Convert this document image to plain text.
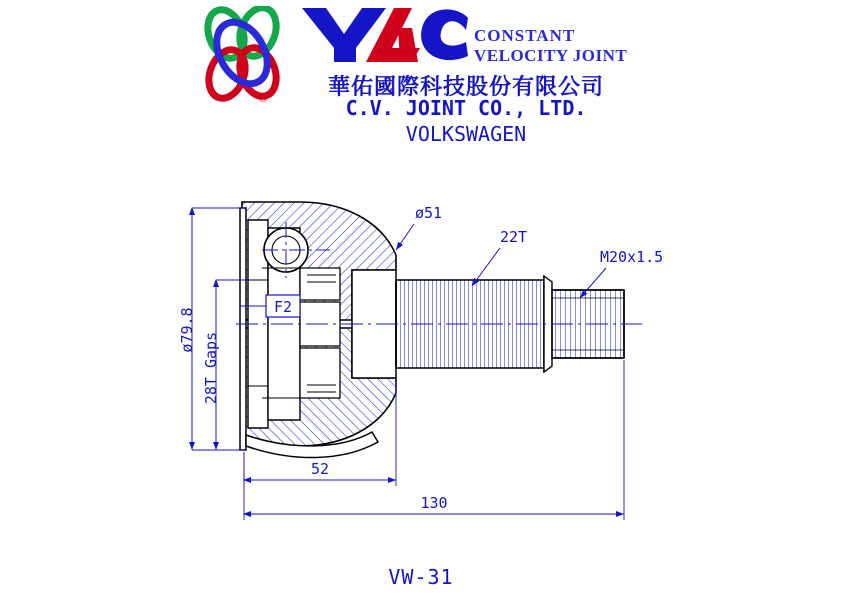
®
CONSTANT
VELOCITY JOINT
華佑國際科技股份有限公司
C.V. JOINT CO., LTD.
VOLKSWAGEN
ø79.8
28T Gaps
F2
ø51
22T
M20x1.5
52
130
VW-31
